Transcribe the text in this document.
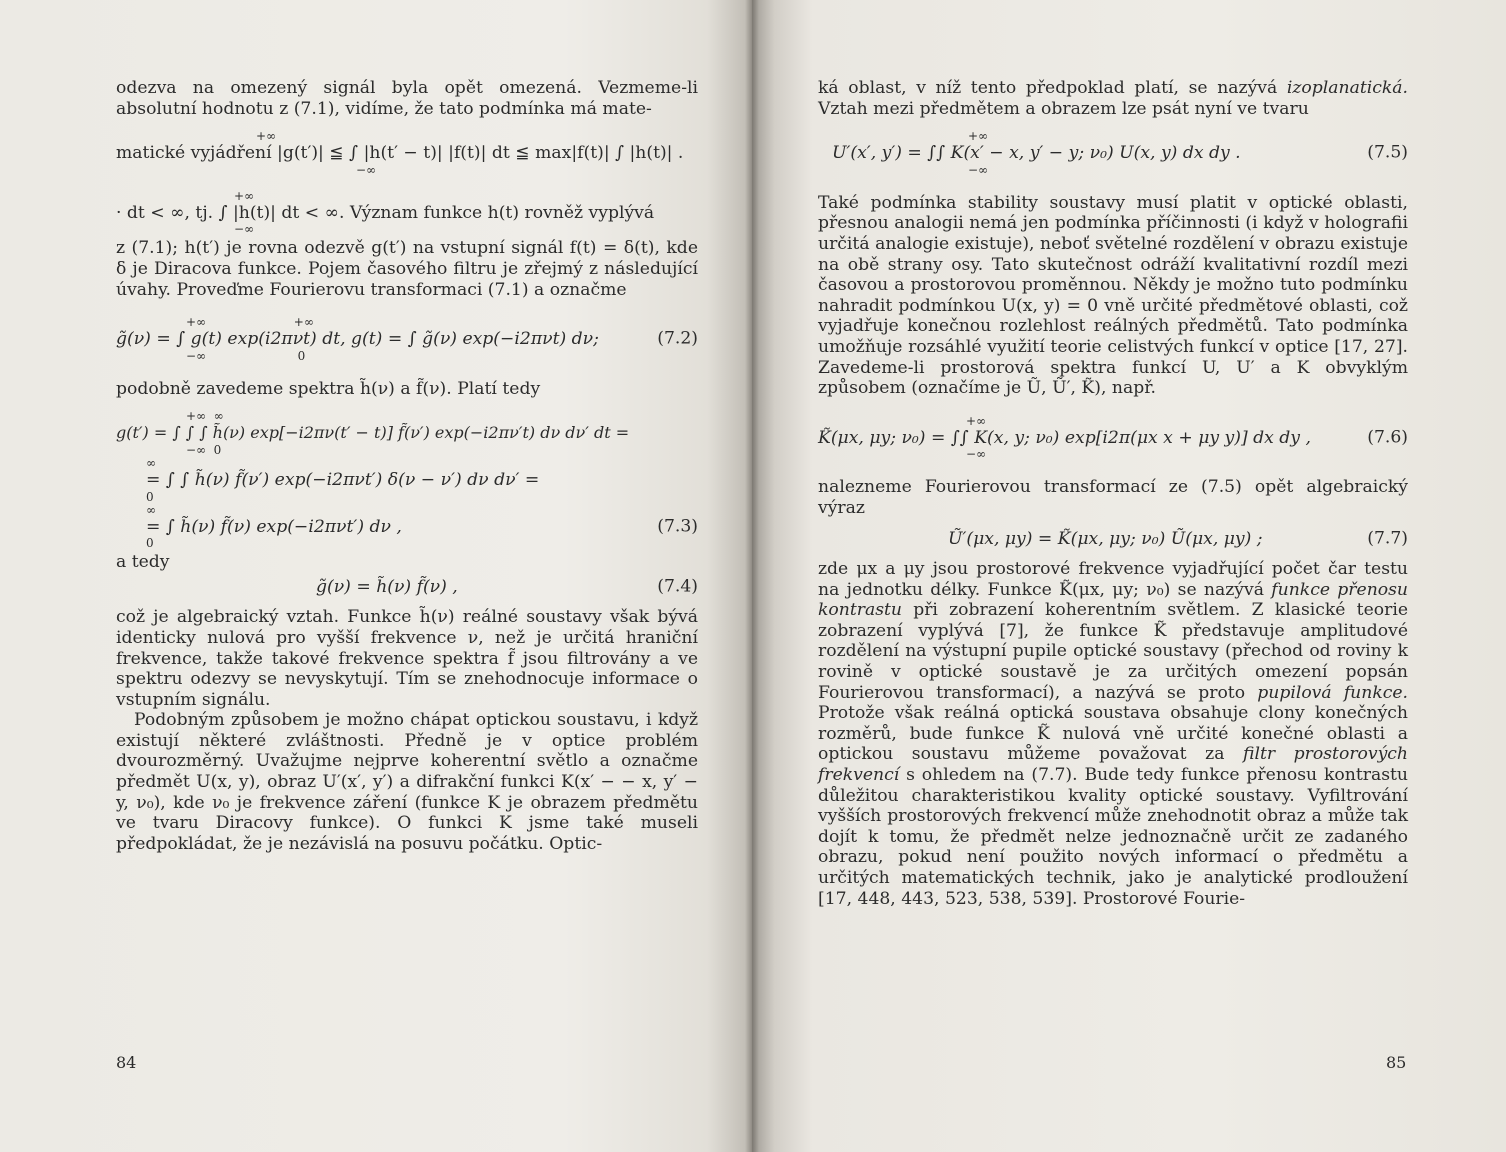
odezva na omezený signál byla opět omezená. Vezmeme-li absolutní hodnotu z (7.1), vidíme, že tato podmínka má mate-

+∞

matické vyjádření |g(t′)| ≦ ∫ |h(t′ − t)| |f(t)| dt ≦ max|f(t)| ∫ |h(t)| .

−∞
+∞

· dt < ∞, tj. ∫ |h(t)| dt < ∞. Význam funkce h(t) rovněž vyplývá

−∞

z (7.1); h(t′) je rovna odezvě g(t′) na vstupní signál f(t) = δ(t), kde δ je Diracova funkce. Pojem časového filtru je zřejmý z následující úvahy. Proveďme Fourierovu transformaci (7.1) a označme

+∞                       +∞
g̃(ν) = ∫ g(t) exp(i2πνt) dt, g(t) = ∫ g̃(ν) exp(−i2πνt) dν;	(7.2)
−∞                        0

podobně zavedeme spektra h̃(ν) a f̃(ν). Platí tedy

+∞  ∞

g(t′) = ∫ ∫ ∫ h̃(ν) exp[−i2πν(t′ − t)] f̃(ν′) exp(−i2πν′t) dν dν′ dt =

−∞  0
∞

= ∫ ∫ h̃(ν) f̃(ν′) exp(−i2πνt′) δ(ν − ν′) dν dν′ =

0
∞
= ∫ h̃(ν) f̃(ν) exp(−i2πνt′) dν ,	(7.3)
0

a tedy

g̃(ν) = h̃(ν) f̃(ν) ,	(7.4)

což je algebraický vztah. Funkce h̃(ν) reálné soustavy však bývá identicky nulová pro vyšší frekvence ν, než je určitá hraniční frekvence, takže takové frekvence spektra f̃ jsou filtrovány a ve spektru odezvy se nevyskytují. Tím se znehodnocuje informace o vstupním signálu.

Podobným způsobem je možno chápat optickou soustavu, i když existují některé zvláštnosti. Předně je v optice problém dvourozměrný. Uvažujme nejprve koherentní světlo a označme předmět U(x, y), obraz U′(x′, y′) a difrakční funkci K(x′ − − x, y′ − y, ν₀), kde ν₀ je frekvence záření (funkce K je obrazem předmětu ve tvaru Diracovy funkce). O funkci K jsme také museli předpokládat, že je nezávislá na posuvu počátku. Optic-

84

ká oblast, v níž tento předpoklad platí, se nazývá izoplanatická. Vztah mezi předmětem a obrazem lze psát nyní ve tvaru

+∞
U′(x′, y′) = ∫∫ K(x′ − x, y′ − y; ν₀) U(x, y) dx dy .	(7.5)
−∞

Také podmínka stability soustavy musí platit v optické oblasti, přesnou analogii nemá jen podmínka příčinnosti (i když v holografii určitá analogie existuje), neboť světelné rozdělení v obrazu existuje na obě strany osy. Tato skutečnost odráží kvalitativní rozdíl mezi časovou a prostorovou proměnnou. Někdy je možno tuto podmínku nahradit podmínkou U(x, y) = 0 vně určité předmětové oblasti, což vyjadřuje konečnou rozlehlost reálných předmětů. Tato podmínka umožňuje rozsáhlé využití teorie celistvých funkcí v optice [17, 27]. Zavedeme-li prostorová spektra funkcí U, U′ a K obvyklým způsobem (označíme je Ũ, Ũ′, K̃), např.

+∞
K̃(μx, μy; ν₀) = ∫∫ K(x, y; ν₀) exp[i2π(μx x + μy y)] dx dy ,	(7.6)
−∞

nalezneme Fourierovou transformací ze (7.5) opět algebraický výraz

Ũ′(μx, μy) = K̃(μx, μy; ν₀) Ũ(μx, μy) ;	(7.7)

zde μx a μy jsou prostorové frekvence vyjadřující počet čar testu na jednotku délky. Funkce K̃(μx, μy; ν₀) se nazývá funkce přenosu kontrastu při zobrazení koherentním světlem. Z klasické teorie zobrazení vyplývá [7], že funkce K̃ představuje amplitudové rozdělení na výstupní pupile optické soustavy (přechod od roviny k rovině v optické soustavě je za určitých omezení popsán Fourierovou transformací), a nazývá se proto pupilová funkce. Protože však reálná optická soustava obsahuje clony konečných rozměrů, bude funkce K̃ nulová vně určité konečné oblasti a optickou soustavu můžeme považovat za filtr prostorových frekvencí s ohledem na (7.7). Bude tedy funkce přenosu kontrastu důležitou charakteristikou kvality optické soustavy. Vyfiltrování vyšších prostorových frekvencí může znehodnotit obraz a může tak dojít k tomu, že předmět nelze jednoznačně určit ze zadaného obrazu, pokud není použito nových informací o předmětu a určitých matematických technik, jako je analytické prodloužení [17, 448, 443, 523, 538, 539]. Prostorové Fourie-

85
